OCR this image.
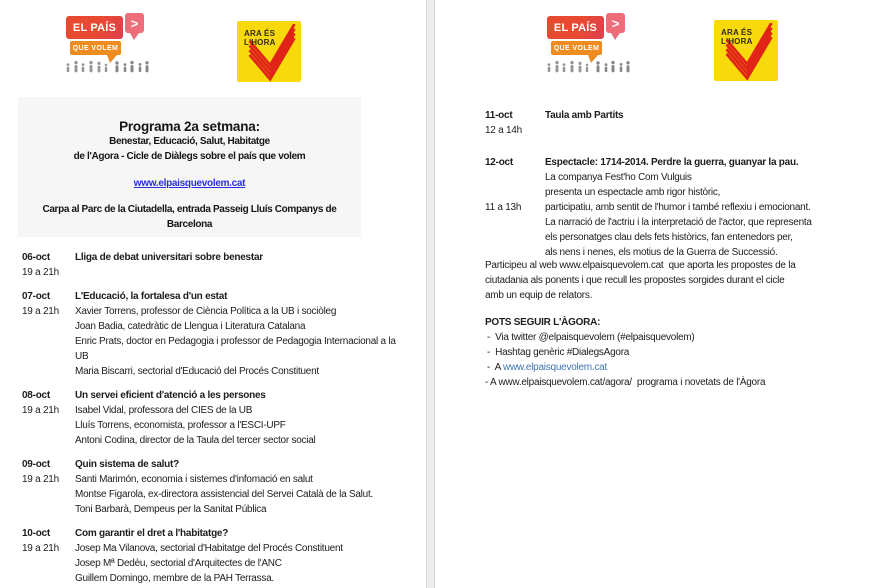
EL PAÍS	>
QUE VOLEM
ARA ÉS
L'HORA
Programa 2a setmana:
Benestar, Educació, Salut, Habitatge
de l'Agora - Cicle de Diàlegs sobre el país que volem
www.elpaisquevolem.cat
Carpa al Parc de la Ciutadella, entrada Passeig Lluís Companys de
Barcelona
06-oct
19 a 21h
Lliga de debat universitari sobre benestar
07-oct
19 a 21h
L'Educació, la fortalesa d'un estat
Xavier Torrens, professor de Ciència Política a la UB i sociòleg
Joan Badia, catedràtic de Llengua i Literatura Catalana
Enric Prats, doctor en Pedagogia i professor de Pedagogia Internacional a la
UB
Maria Biscarri, sectorial d'Educació del Procés Constituent
08-oct
19 a 21h
Un servei eficient d'atenció a les persones
Isabel Vidal, professora del CIES de la UB
Lluís Torrens, economista, professor a l'ESCI-UPF
Antoni Codina, director de la Taula del tercer sector social
09-oct
19 a 21h
Quin sistema de salut?
Santi Marimón, economia i sistemes d'infomació en salut
Montse Figarola, ex-directora assistencial del Servei Català de la Salut.
Toni Barbarà, Dempeus per la Sanitat Pública
10-oct
19 a 21h
Com garantir el dret a l'habitatge?
Josep Ma Vilanova, sectorial d'Habitatge del Procés Constituent
Josep Mª Dedèu, sectorial d'Arquitectes de l'ANC
Guillem Domingo, membre de la PAH Terrassa.
EL PAÍS	>
QUE VOLEM
ARA ÉS
L'HORA
11-oct
12 a 14h
Taula amb Partits
12-oct
11 a 13h
Espectacle: 1714-2014. Perdre la guerra, guanyar la pau.
La companya Fest'ho Com Vulguis
presenta un espectacle amb rigor històric,
participatiu, amb sentit de l'humor i també reflexiu i emocionant.
La narració de l'actriu i la interpretació de l'actor, que representa
els personatges clau dels fets històrics, fan entenedors per,
als nens i nenes, els motius de la Guerra de Successió.
Participeu al web www.elpaisquevolem.cat  que aporta les propostes de la
ciutadania als ponents i que recull les propostes sorgides durant el cicle
amb un equip de relators.
POTS SEGUIR L'ÀGORA:
-  Via twitter @elpaisquevolem (#elpaisquevolem)
-  Hashtag genèric #DialegsAgora
-  A www.elpaisquevolem.cat
- A www.elpaisquevolem.cat/agora/  programa i novetats de l'Àgora
